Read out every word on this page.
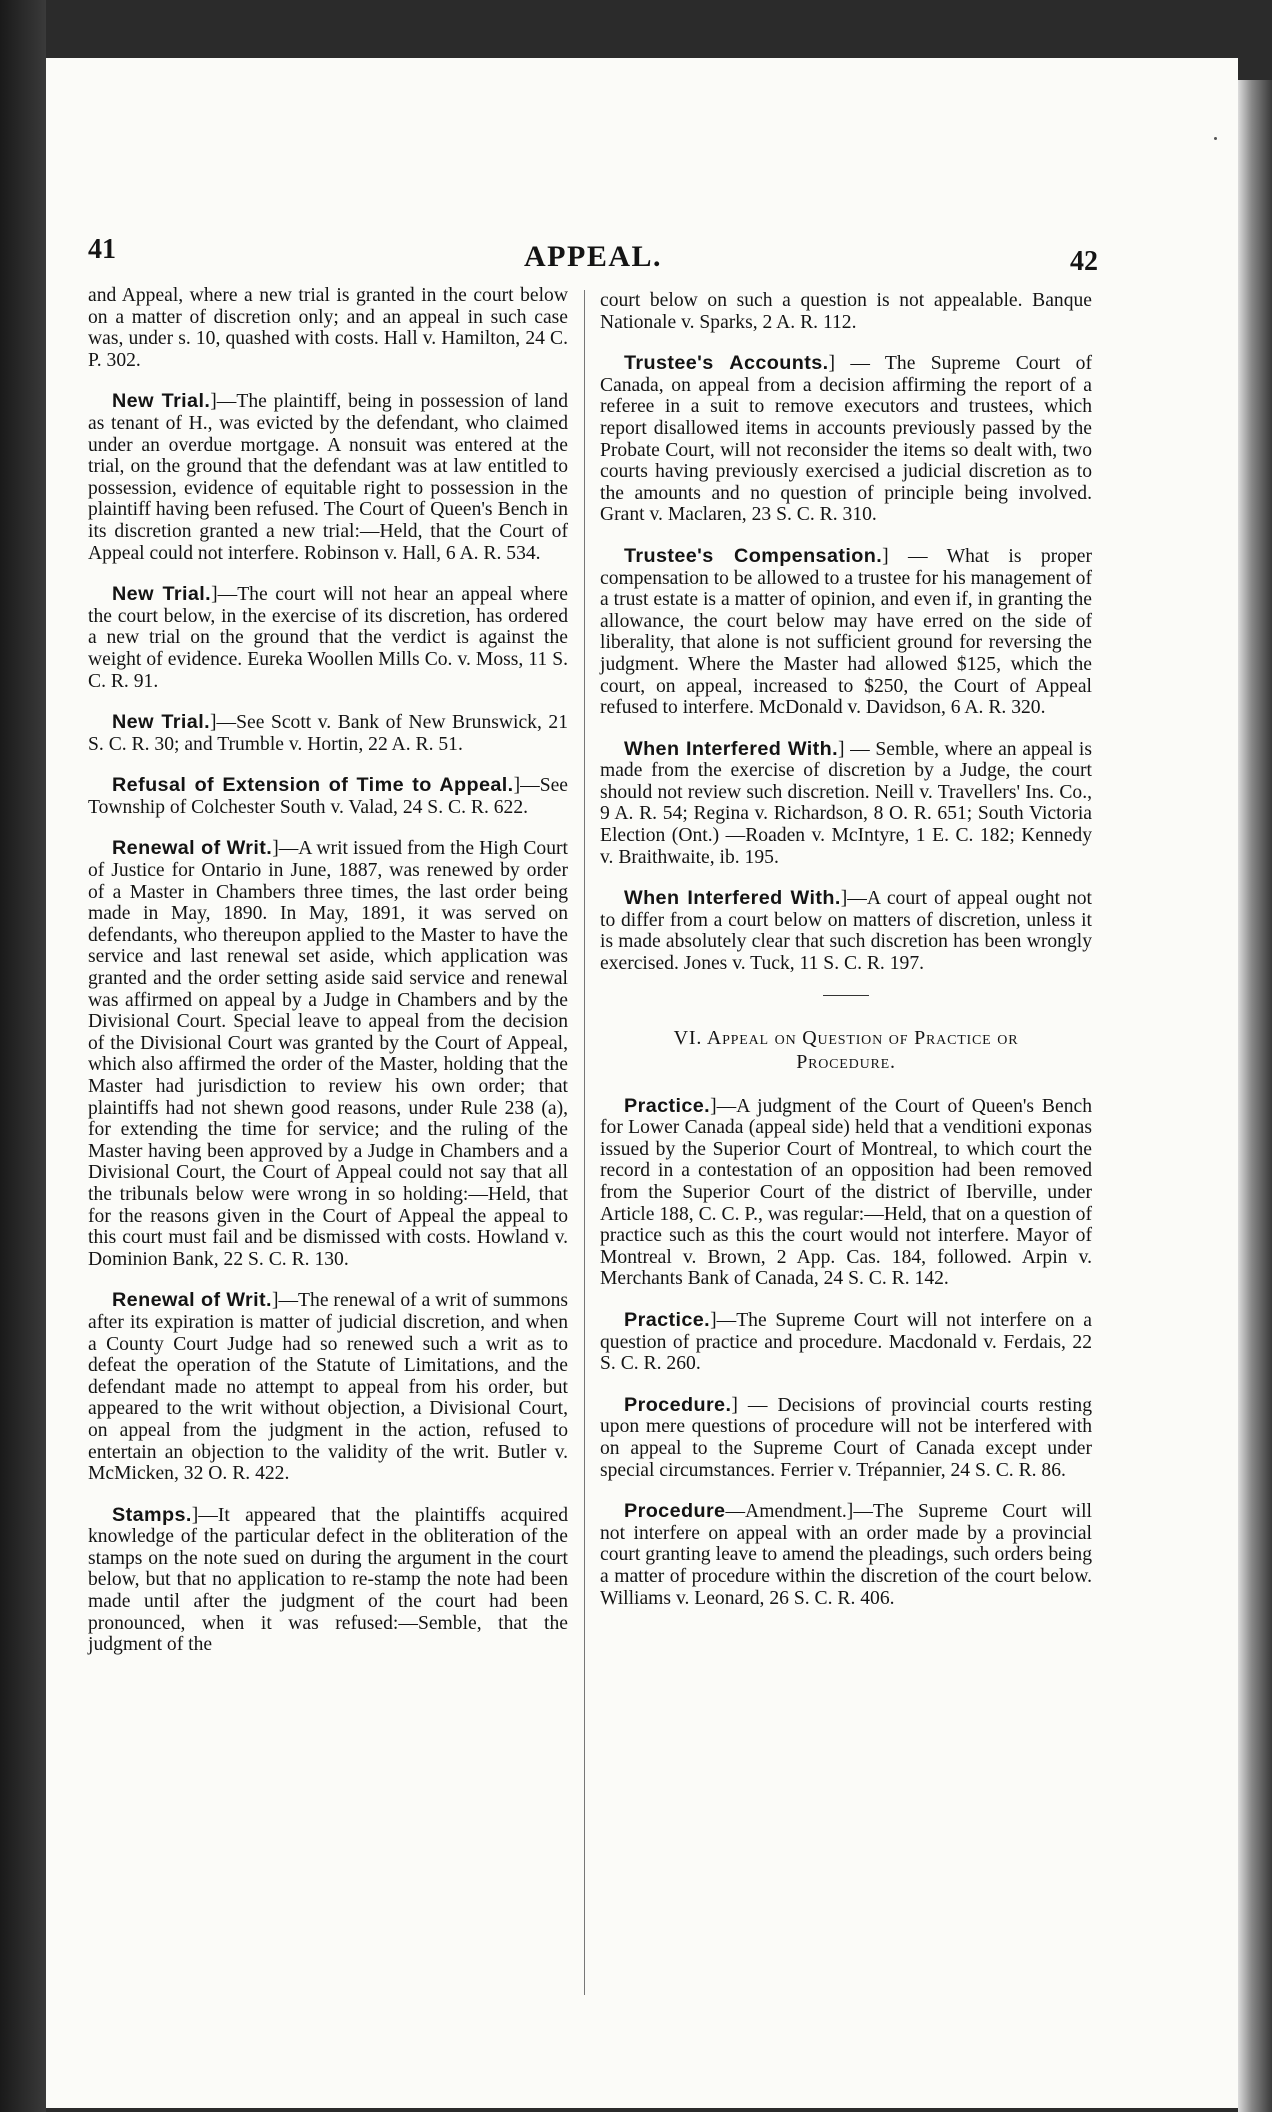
41	APPEAL.	42

and Appeal, where a new trial is granted in the court below on a matter of discretion only; and an appeal in such case was, under s. 10, quashed with costs. Hall v. Hamilton, 24 C. P. 302.

New Trial.]—The plaintiff, being in possession of land as tenant of H., was evicted by the defendant, who claimed under an overdue mortgage. A nonsuit was entered at the trial, on the ground that the defendant was at law entitled to possession, evidence of equitable right to possession in the plaintiff having been refused. The Court of Queen's Bench in its discretion granted a new trial:—Held, that the Court of Appeal could not interfere. Robinson v. Hall, 6 A. R. 534.

New Trial.]—The court will not hear an appeal where the court below, in the exercise of its discretion, has ordered a new trial on the ground that the verdict is against the weight of evidence. Eureka Woollen Mills Co. v. Moss, 11 S. C. R. 91.

New Trial.]—See Scott v. Bank of New Brunswick, 21 S. C. R. 30; and Trumble v. Hortin, 22 A. R. 51.

Refusal of Extension of Time to Appeal.]—See Township of Colchester South v. Valad, 24 S. C. R. 622.

Renewal of Writ.]—A writ issued from the High Court of Justice for Ontario in June, 1887, was renewed by order of a Master in Chambers three times, the last order being made in May, 1890. In May, 1891, it was served on defendants, who thereupon applied to the Master to have the service and last renewal set aside, which application was granted and the order setting aside said service and renewal was affirmed on appeal by a Judge in Chambers and by the Divisional Court. Special leave to appeal from the decision of the Divisional Court was granted by the Court of Appeal, which also affirmed the order of the Master, holding that the Master had jurisdiction to review his own order; that plaintiffs had not shewn good reasons, under Rule 238 (a), for extending the time for service; and the ruling of the Master having been approved by a Judge in Chambers and a Divisional Court, the Court of Appeal could not say that all the tribunals below were wrong in so holding:—Held, that for the reasons given in the Court of Appeal the appeal to this court must fail and be dismissed with costs. Howland v. Dominion Bank, 22 S. C. R. 130.

Renewal of Writ.]—The renewal of a writ of summons after its expiration is matter of judicial discretion, and when a County Court Judge had so renewed such a writ as to defeat the operation of the Statute of Limitations, and the defendant made no attempt to appeal from his order, but appeared to the writ without objection, a Divisional Court, on appeal from the judgment in the action, refused to entertain an objection to the validity of the writ. Butler v. McMicken, 32 O. R. 422.

Stamps.]—It appeared that the plaintiffs acquired knowledge of the particular defect in the obliteration of the stamps on the note sued on during the argument in the court below, but that no application to re-stamp the note had been made until after the judgment of the court had been pronounced, when it was refused:—Semble, that the judgment of the

court below on such a question is not appealable. Banque Nationale v. Sparks, 2 A. R. 112.

Trustee's Accounts.] — The Supreme Court of Canada, on appeal from a decision affirming the report of a referee in a suit to remove executors and trustees, which report disallowed items in accounts previously passed by the Probate Court, will not reconsider the items so dealt with, two courts having previously exercised a judicial discretion as to the amounts and no question of principle being involved. Grant v. Maclaren, 23 S. C. R. 310.

Trustee's Compensation.] — What is proper compensation to be allowed to a trustee for his management of a trust estate is a matter of opinion, and even if, in granting the allowance, the court below may have erred on the side of liberality, that alone is not sufficient ground for reversing the judgment. Where the Master had allowed $125, which the court, on appeal, increased to $250, the Court of Appeal refused to interfere. McDonald v. Davidson, 6 A. R. 320.

When Interfered With.] — Semble, where an appeal is made from the exercise of discretion by a Judge, the court should not review such discretion. Neill v. Travellers' Ins. Co., 9 A. R. 54; Regina v. Richardson, 8 O. R. 651; South Victoria Election (Ont.) —Roaden v. McIntyre, 1 E. C. 182; Kennedy v. Braithwaite, ib. 195.

When Interfered With.]—A court of appeal ought not to differ from a court below on matters of discretion, unless it is made absolutely clear that such discretion has been wrongly exercised. Jones v. Tuck, 11 S. C. R. 197.

VI. Appeal on Question of Practice or
Procedure.

Practice.]—A judgment of the Court of Queen's Bench for Lower Canada (appeal side) held that a venditioni exponas issued by the Superior Court of Montreal, to which court the record in a contestation of an opposition had been removed from the Superior Court of the district of Iberville, under Article 188, C. C. P., was regular:—Held, that on a question of practice such as this the court would not interfere. Mayor of Montreal v. Brown, 2 App. Cas. 184, followed. Arpin v. Merchants Bank of Canada, 24 S. C. R. 142.

Practice.]—The Supreme Court will not interfere on a question of practice and procedure. Macdonald v. Ferdais, 22 S. C. R. 260.

Procedure.] — Decisions of provincial courts resting upon mere questions of procedure will not be interfered with on appeal to the Supreme Court of Canada except under special circumstances. Ferrier v. Trépannier, 24 S. C. R. 86.

Procedure—Amendment.]—The Supreme Court will not interfere on appeal with an order made by a provincial court granting leave to amend the pleadings, such orders being a matter of procedure within the discretion of the court below. Williams v. Leonard, 26 S. C. R. 406.
